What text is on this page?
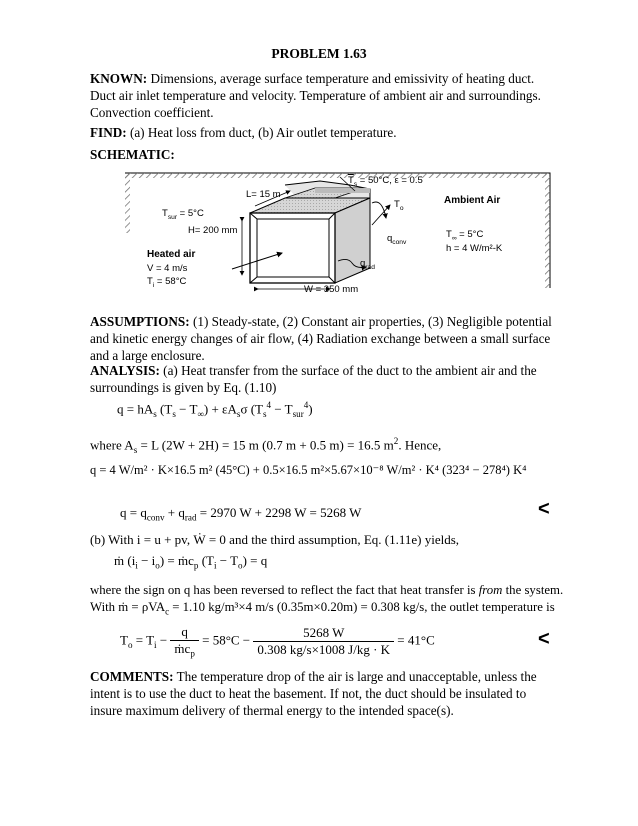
PROBLEM 1.63
KNOWN: Dimensions, average surface temperature and emissivity of heating duct. Duct air inlet temperature and velocity. Temperature of ambient air and surroundings. Convection coefficient.
FIND: (a) Heat loss from duct, (b) Air outlet temperature.
SCHEMATIC:
$\overline{T}_s = 50^\circ C$, ε = 0.5
L= 15 m
$T_o$
Ambient Air
$T_{sur} = 5^\circ C$
H= 200 mm
$q_{conv}$
$T_\infty = 5^\circ C$
h = 4 W/m²-K
Heated air
$q_{rad}$
V = 4 m/s
$T_i = 58^\circ C$
W = 350 mm
ASSUMPTIONS: (1) Steady-state, (2) Constant air properties, (3) Negligible potential and kinetic energy changes of air flow, (4) Radiation exchange between a small surface and a large enclosure.
ANALYSIS: (a) Heat transfer from the surface of the duct to the ambient air and the surroundings is given by Eq. (1.10)
$q = hA_s$ $(T_s - T_\infty) + \varepsilon A_s\sigma$ $(T_s^4 - T_{sur}^4)$
where $A_s = L$ (2W + 2H) = 15 m (0.7 m + 0.5 m) = 16.5 $m^2$. Hence,
q = 4 W/m² · K×16.5 m² (45°C) + 0.5×16.5 m²×5.67×10⁻⁸ W/m² · K⁴ (323⁴ − 278⁴) K⁴
$q = q_{conv} + q_{rad} = 2970$ W + 2298 W = 5268 W	<
(b) With i = u + pv, Ẇ = 0 and the third assumption, Eq. (1.11e) yields,
ṁ $(i_i - i_o)$ = ṁc$_p$ $(T_i - T_o) = q$
where the sign on q has been reversed to reflect the fact that heat transfer is from the system.
With ṁ = ρVA$_c$ = 1.10 kg/m³×4 m/s (0.35m×0.20m) = 0.308 kg/s, the outlet temperature is
$T_o = T_i - \frac{q}{ṁc_p} = 58^\circ C - \frac{5268 W}{0.308 kg/s\times 1008 J/kg \cdot K} = 41^\circ C$	<
COMMENTS: The temperature drop of the air is large and unacceptable, unless the intent is to use the duct to heat the basement. If not, the duct should be insulated to insure maximum delivery of thermal energy to the intended space(s).
